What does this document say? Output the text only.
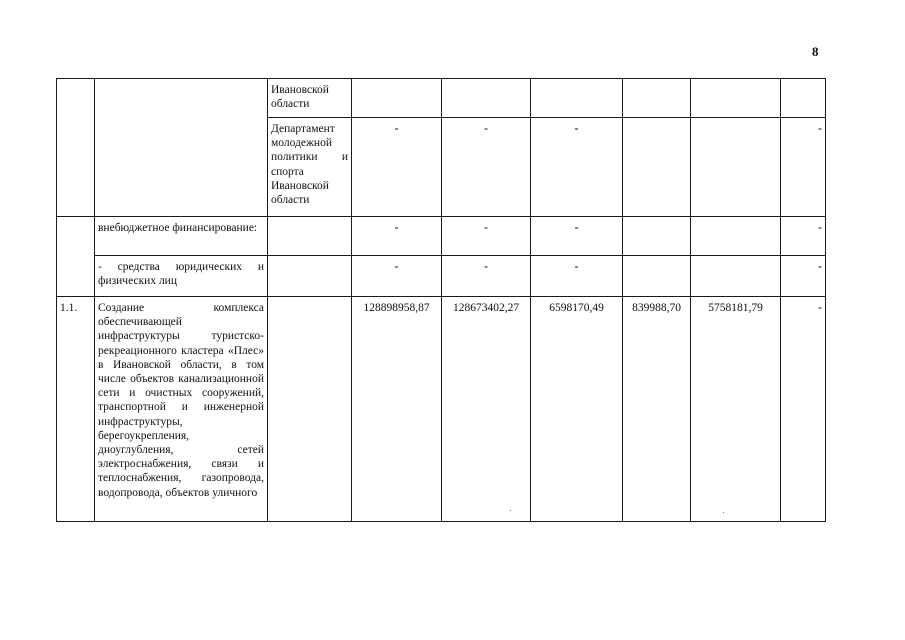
8

		Ивановской области						

		Департамент молодежной политики и спорта Ивановской области	-	-	-			-

	внебюджетное финансирование:		-	-	-			-

	- средства юридических и физических лиц		-	-	-			-
1.1.	Создание комплекса обеспечивающей инфраструктуры туристско-рекреационного кластера «Плес» в Ивановской области, в том числе объектов канализационной сети и очистных сооружений, транспортной и инженерной инфраструктуры, берегоукрепления, дноуглубления, сетей электроснабжения, связи и теплоснабжения, газопровода, водопровода, объектов уличного		128898958,87	128673402,27	6598170,49	839988,70	5758181,79	-
